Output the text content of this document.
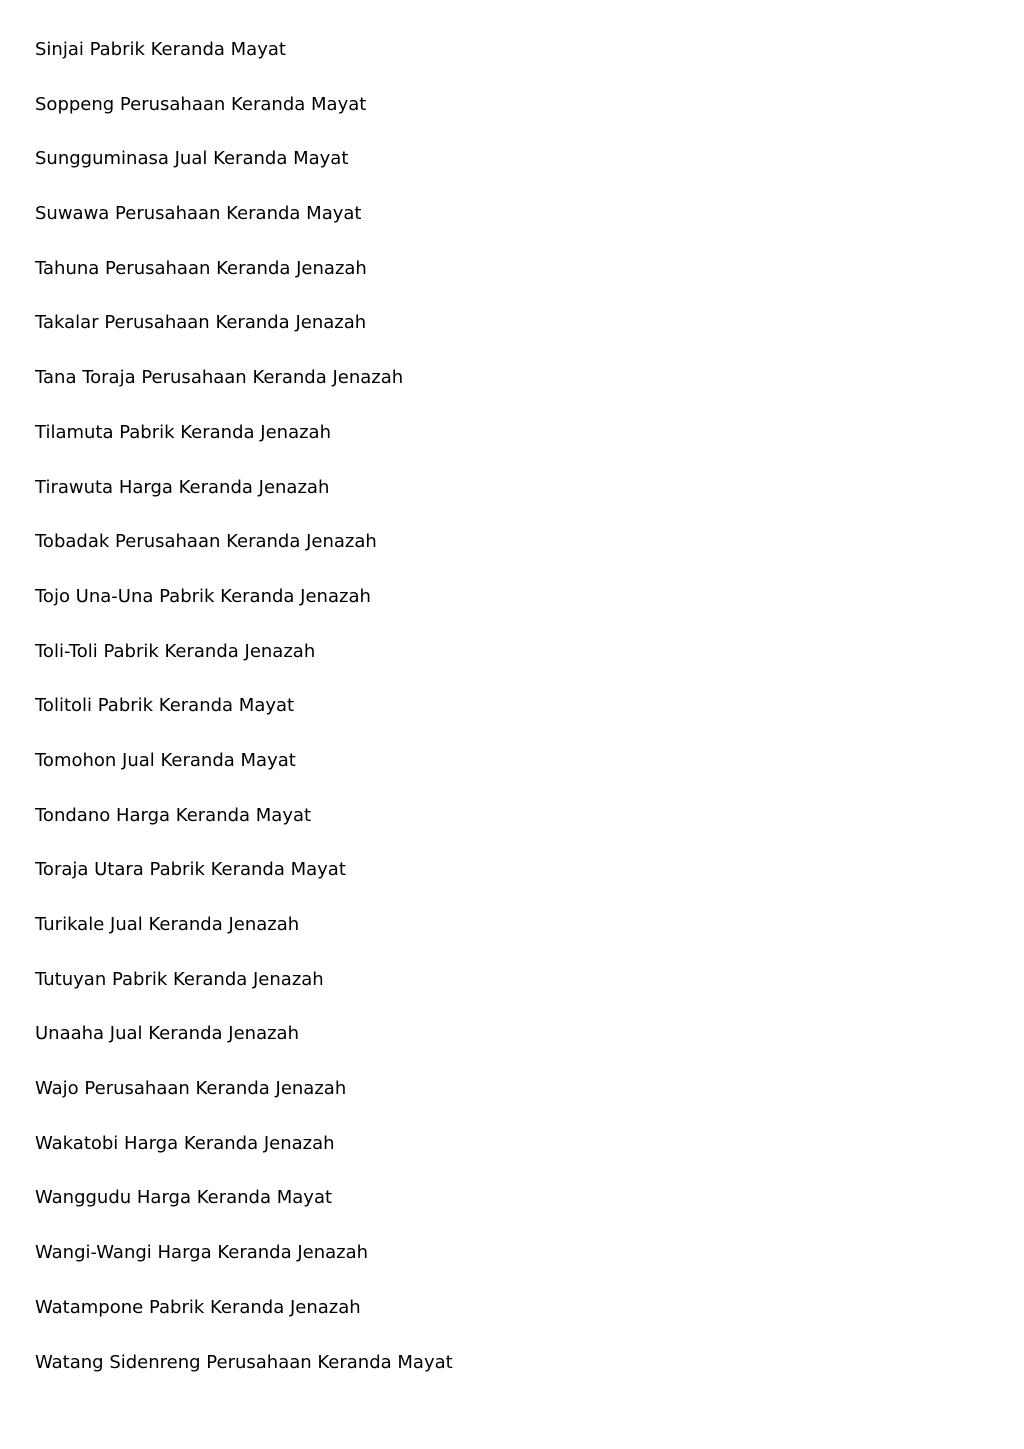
Sinjai Pabrik Keranda Mayat
Soppeng Perusahaan Keranda Mayat
Sungguminasa Jual Keranda Mayat
Suwawa Perusahaan Keranda Mayat
Tahuna Perusahaan Keranda Jenazah
Takalar Perusahaan Keranda Jenazah
Tana Toraja Perusahaan Keranda Jenazah
Tilamuta Pabrik Keranda Jenazah
Tirawuta Harga Keranda Jenazah
Tobadak Perusahaan Keranda Jenazah
Tojo Una-Una Pabrik Keranda Jenazah
Toli-Toli Pabrik Keranda Jenazah
Tolitoli Pabrik Keranda Mayat
Tomohon Jual Keranda Mayat
Tondano Harga Keranda Mayat
Toraja Utara Pabrik Keranda Mayat
Turikale Jual Keranda Jenazah
Tutuyan Pabrik Keranda Jenazah
Unaaha Jual Keranda Jenazah
Wajo Perusahaan Keranda Jenazah
Wakatobi Harga Keranda Jenazah
Wanggudu Harga Keranda Mayat
Wangi-Wangi Harga Keranda Jenazah
Watampone Pabrik Keranda Jenazah
Watang Sidenreng Perusahaan Keranda Mayat
